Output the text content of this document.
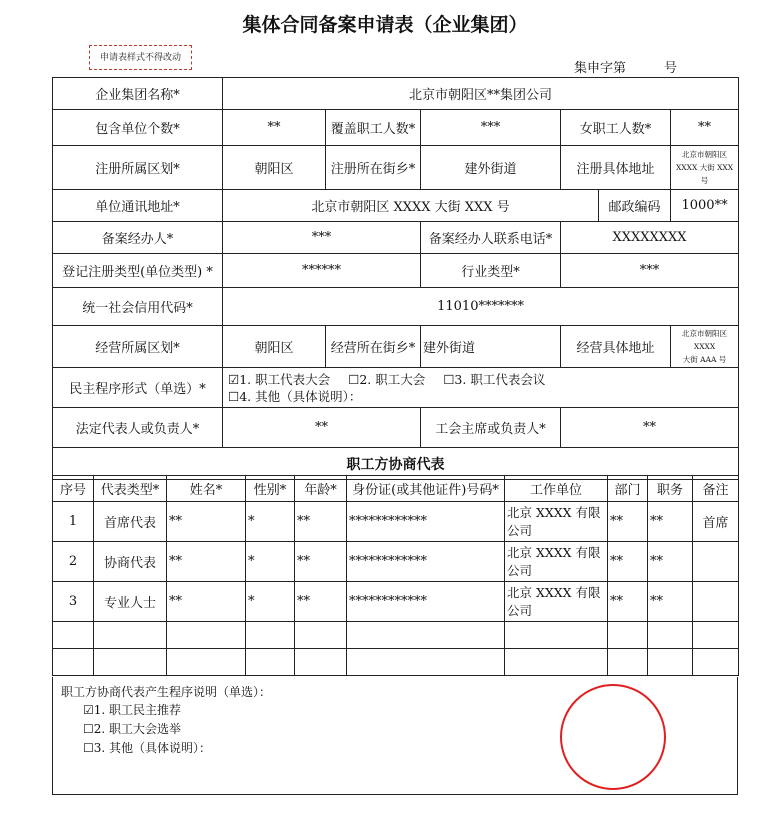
集体合同备案申请表（企业集团）
申请表样式不得改动
集申字第	号
企业集团名称*	北京市朝阳区**集团公司					
包含单位个数*	**	覆盖职工人数*	***	女职工人数*		**
注册所属区划*	朝阳区	注册所在街乡*	建外街道	注册具体地址		北京市朝阳区
XXXX 大街 XXX 号
单位通讯地址*	北京市朝阳区 XXXX 大街 XXX 号				邮政编码	1000**
备案经办人*	***		备案经办人联系电话*	XXXXXXXX		
登记注册类型(单位类型) *	******		行业类型*	***		
统一社会信用代码*	11010*******					
经营所属区划*	朝阳区	经营所在街乡*	建外街道	经营具体地址		北京市朝阳区 XXXX
大街 AAA 号
民主程序形式（单选）*	☑1. 职工代表大会 ☐2. 职工大会 ☐3. 职工代表会议
☐4. 其他（具体说明）：					
法定代表人或负责人*	**		工会主席或负责人*	**		
职工方协商代表						
序号	代表类型*	姓名*	性别*	年龄*	身份证(或其他证件)号码*	工作单位	部门	职务	备注
1	首席代表	**	*	**	************	北京 XXXX 有限
公司	**	**	首席
2	协商代表	**	*	**	************	北京 XXXX 有限
公司	**	**	
3	专业人士	**	*	**	************	北京 XXXX 有限
公司	**	**	

职工方协商代表产生程序说明（单选）：
☑1. 职工民主推荐
☐2. 职工大会选举
☐3. 其他（具体说明）：
